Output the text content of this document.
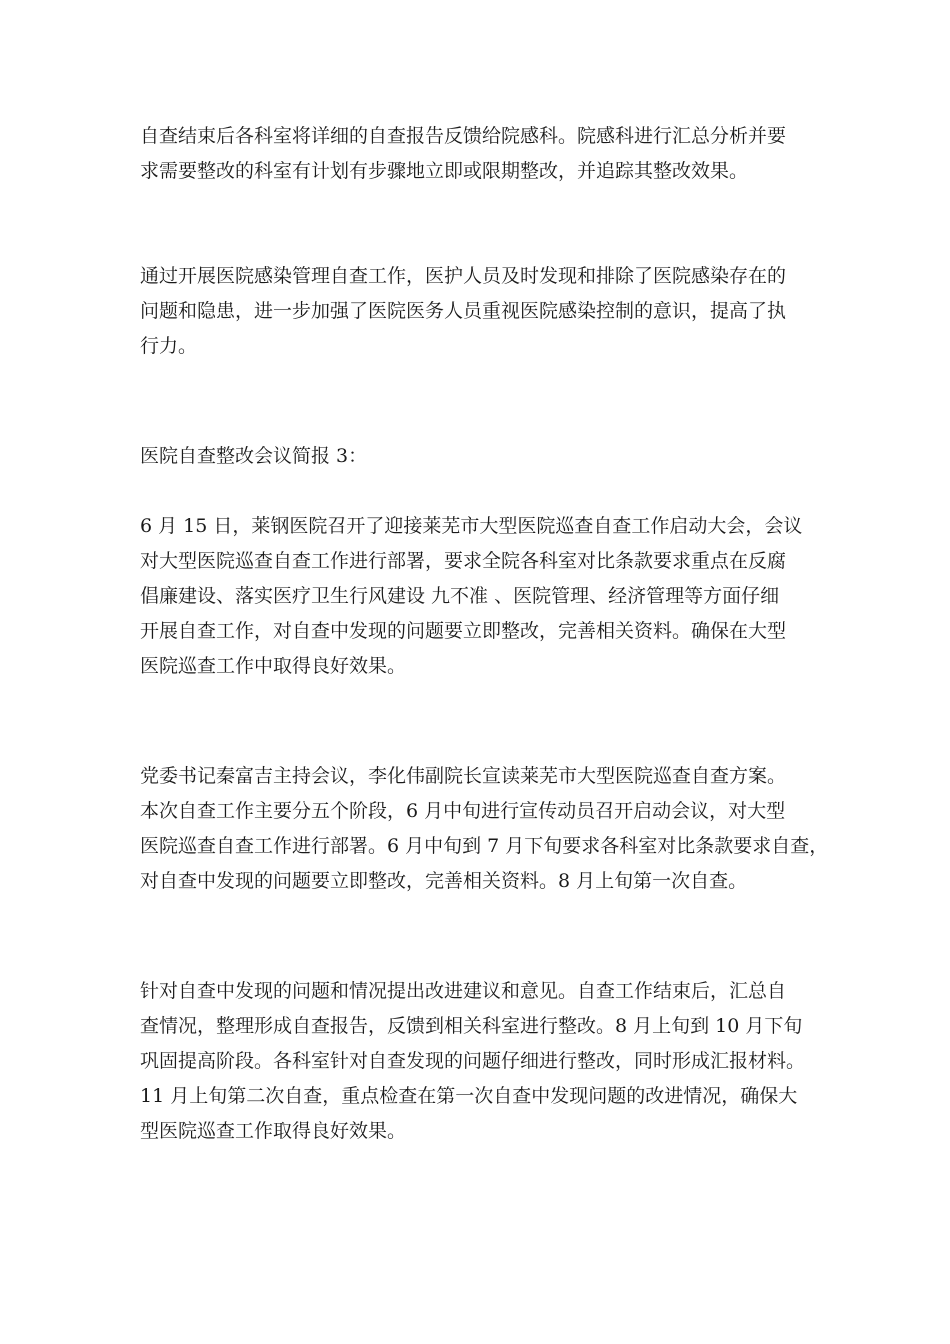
自查结束后各科室将详细的自查报告反馈给院感科。院感科进行汇总分析并要
求需要整改的科室有计划有步骤地立即或限期整改，并追踪其整改效果。
通过开展医院感染管理自查工作，医护人员及时发现和排除了医院感染存在的
问题和隐患，进一步加强了医院医务人员重视医院感染控制的意识，提高了执
行力。
医院自查整改会议简报 3：
6 月 15 日，莱钢医院召开了迎接莱芜市大型医院巡查自查工作启动大会，会议
对大型医院巡查自查工作进行部署，要求全院各科室对比条款要求重点在反腐
倡廉建设、落实医疗卫生行风建设 九不准 、医院管理、经济管理等方面仔细
开展自查工作，对自查中发现的问题要立即整改，完善相关资料。确保在大型
医院巡查工作中取得良好效果。
党委书记秦富吉主持会议，李化伟副院长宣读莱芜市大型医院巡查自查方案。
本次自查工作主要分五个阶段，6 月中旬进行宣传动员召开启动会议，对大型
医院巡查自查工作进行部署。6 月中旬到 7 月下旬要求各科室对比条款要求自查，
对自查中发现的问题要立即整改，完善相关资料。8 月上旬第一次自查。
针对自查中发现的问题和情况提出改进建议和意见。自查工作结束后，汇总自
查情况，整理形成自查报告，反馈到相关科室进行整改。8 月上旬到 10 月下旬
巩固提高阶段。各科室针对自查发现的问题仔细进行整改，同时形成汇报材料。
11 月上旬第二次自查，重点检查在第一次自查中发现问题的改进情况，确保大
型医院巡查工作取得良好效果。
